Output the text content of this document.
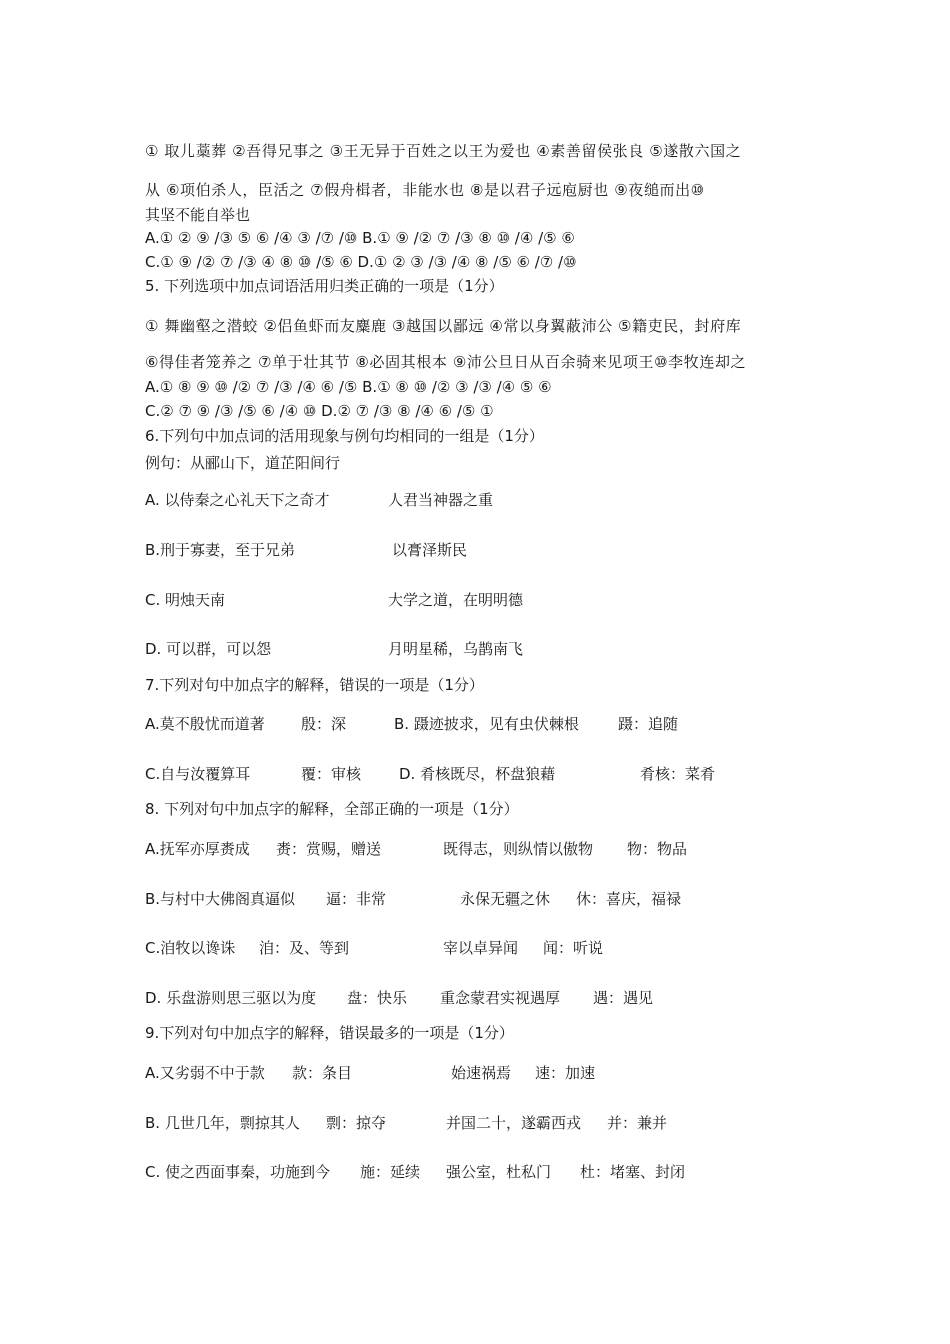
① 取儿藁葬 ②吾得兄事之 ③王无异于百姓之以王为爱也 ④素善留侯张良 ⑤遂散六国之
从 ⑥项伯杀人，臣活之 ⑦假舟楫者，非能水也 ⑧是以君子远庖厨也 ⑨夜缒而出⑩
其坚不能自举也
A.① ② ⑨ /③ ⑤ ⑥ /④ ③ /⑦ /⑩ B.① ⑨ /② ⑦ /③ ⑧ ⑩ /④ /⑤ ⑥
C.① ⑨ /② ⑦ /③ ④ ⑧ ⑩ /⑤ ⑥ D.① ② ③ /③ /④ ⑧ /⑤ ⑥ /⑦ /⑩
5. 下列选项中加点词语活用归类正确的一项是（1分）
① 舞幽壑之潜蛟 ②侣鱼虾而友麋鹿 ③越国以鄙远 ④常以身翼蔽沛公 ⑤籍吏民，封府库
⑥得佳者笼养之 ⑦单于壮其节 ⑧必固其根本 ⑨沛公旦日从百余骑来见项王⑩李牧连却之
A.① ⑧ ⑨ ⑩ /② ⑦ /③ /④ ⑥ /⑤ B.① ⑧ ⑩ /② ③ /③ /④ ⑤ ⑥
C.② ⑦ ⑨ /③ /⑤ ⑥ /④ ⑩ D.② ⑦ /③ ⑧ /④ ⑥ /⑤ ①
6.下列句中加点词的活用现象与例句均相同的一组是（1分）
例句：从郦山下，道芷阳间行
A. 以侍秦之心礼天下之奇才	人君当神器之重
B.刑于寡妻，至于兄弟	以膏泽斯民
C. 明烛天南	大学之道，在明明德
D. 可以群，可以怨	月明星稀，乌鹊南飞
7.下列对句中加点字的解释，错误的一项是（1分）
A.莫不殷忧而道著 殷：深	B. 蹑迹披求，见有虫伏棘根	蹑：追随
C.自与汝覆算耳	覆：审核	D. 肴核既尽，杯盘狼藉	肴核：菜肴
8. 下列对句中加点字的解释，全部正确的一项是（1分）
A.抚军亦厚赉成 赉：赏赐，赠送	既得志，则纵情以傲物 物：物品
B.与村中大佛阁真逼似 逼：非常	永保无疆之休 休：喜庆，福禄
C.洎牧以谗诛 洎：及、等到	宰以卓异闻 闻：听说
D. 乐盘游则思三驱以为度 盘：快乐 重念蒙君实视遇厚 遇：遇见
9.下列对句中加点字的解释，错误最多的一项是（1分）
A.又劣弱不中于款 款：条目	始速祸焉 速：加速
B. 几世几年，剽掠其人 剽：掠夺	并国二十，遂霸西戎 并：兼并
C. 使之西面事秦，功施到今 施：延续 强公室，杜私门 杜：堵塞、封闭
